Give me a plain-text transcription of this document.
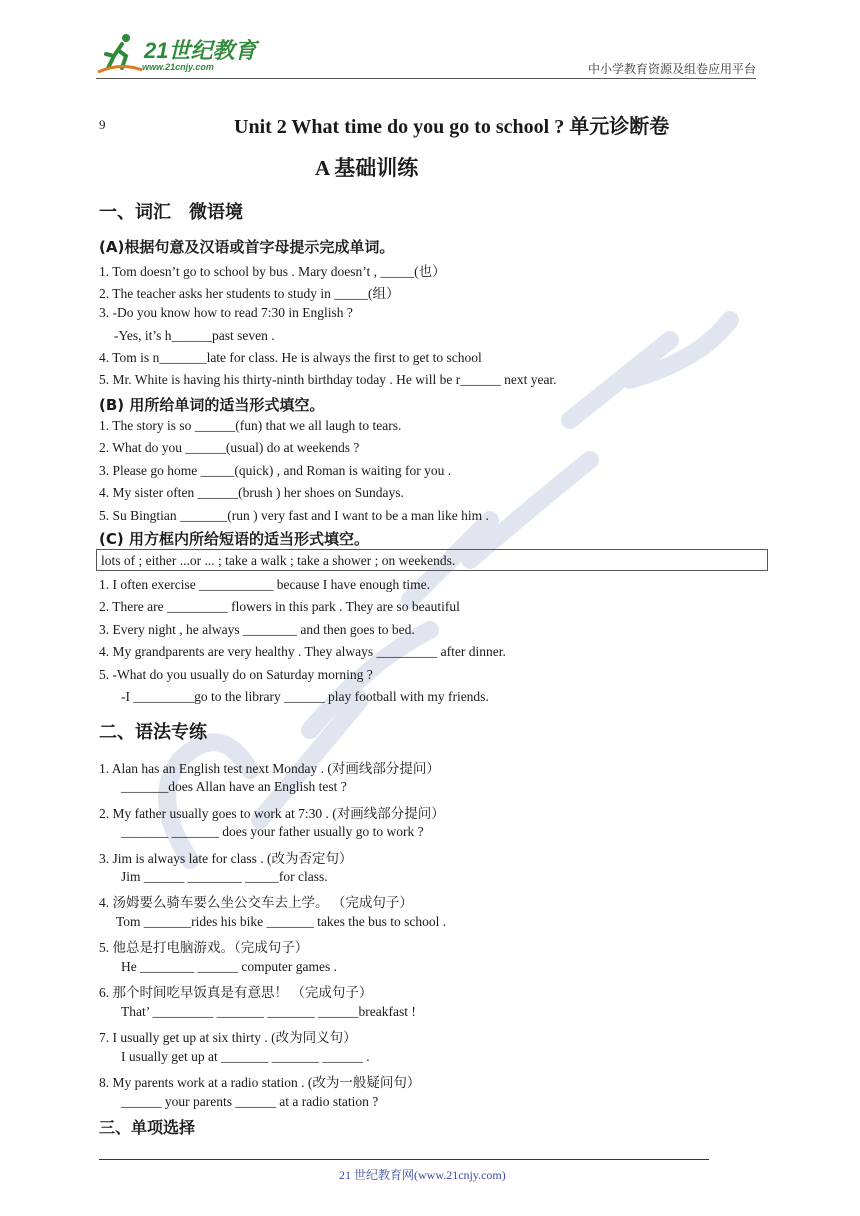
21世纪教育
www.21cnjy.com	中小学教育资源及组卷应用平台
9	Unit 2 What time do you go to school ? 单元诊断卷
A 基础训练
一、词汇　微语境
(A)根据句意及汉语或首字母提示完成单词。
1. Tom doesn’t go to school by bus . Mary doesn’t , _____(也）
2. The teacher asks her students to study in _____(组）
3. -Do you know how to read 7:30 in English ?
-Yes, it’s h______past seven .
4. Tom is n_______late for class. He is always the first to get to school
5. Mr. White is having his thirty-ninth birthday today . He will be r______ next year.
(B) 用所给单词的适当形式填空。
1. The story is so ______(fun) that we all laugh to tears.
2. What do you ______(usual) do at weekends ?
3. Please go home _____(quick) , and Roman is waiting for you .
4. My sister often ______(brush ) her shoes on Sundays.
5. Su Bingtian _______(run ) very fast and I want to be a man like him .
(C) 用方框内所给短语的适当形式填空。
lots of ; either ...or ... ; take a walk ; take a shower ; on weekends.
1. I often exercise ___________ because I have enough time.
2. There are _________ flowers in this park . They are so beautiful
3. Every night , he always ________ and then goes to bed.
4. My grandparents are very healthy . They always _________ after dinner.
5. -What do you usually do on Saturday morning ?
-I _________go to the library ______ play football with my friends.
二、语法专练
1. Alan has an English test next Monday . (对画线部分提问）
_______does Allan have an English test ?
2. My father usually goes to work at 7:30 . (对画线部分提问）
_______ _______ does your father usually go to work ?
3. Jim is always late for class . (改为否定句）
Jim ______ ________ _____for class.
4. 汤姆要么骑车要么坐公交车去上学。 （完成句子）
Tom _______rides his bike _______ takes the bus to school .
5. 他总是打电脑游戏。（完成句子）
He ________ ______ computer games .
6. 那个时间吃早饭真是有意思！ （完成句子）
That’ _________ _______ _______ ______breakfast !
7. I usually get up at six thirty . (改为同义句）
I usually get up at _______ _______ ______ .
8. My parents work at a radio station . (改为一般疑问句）
______ your parents ______ at a radio station ?
三、单项选择
21 世纪教育网(www.21cnjy.com)
